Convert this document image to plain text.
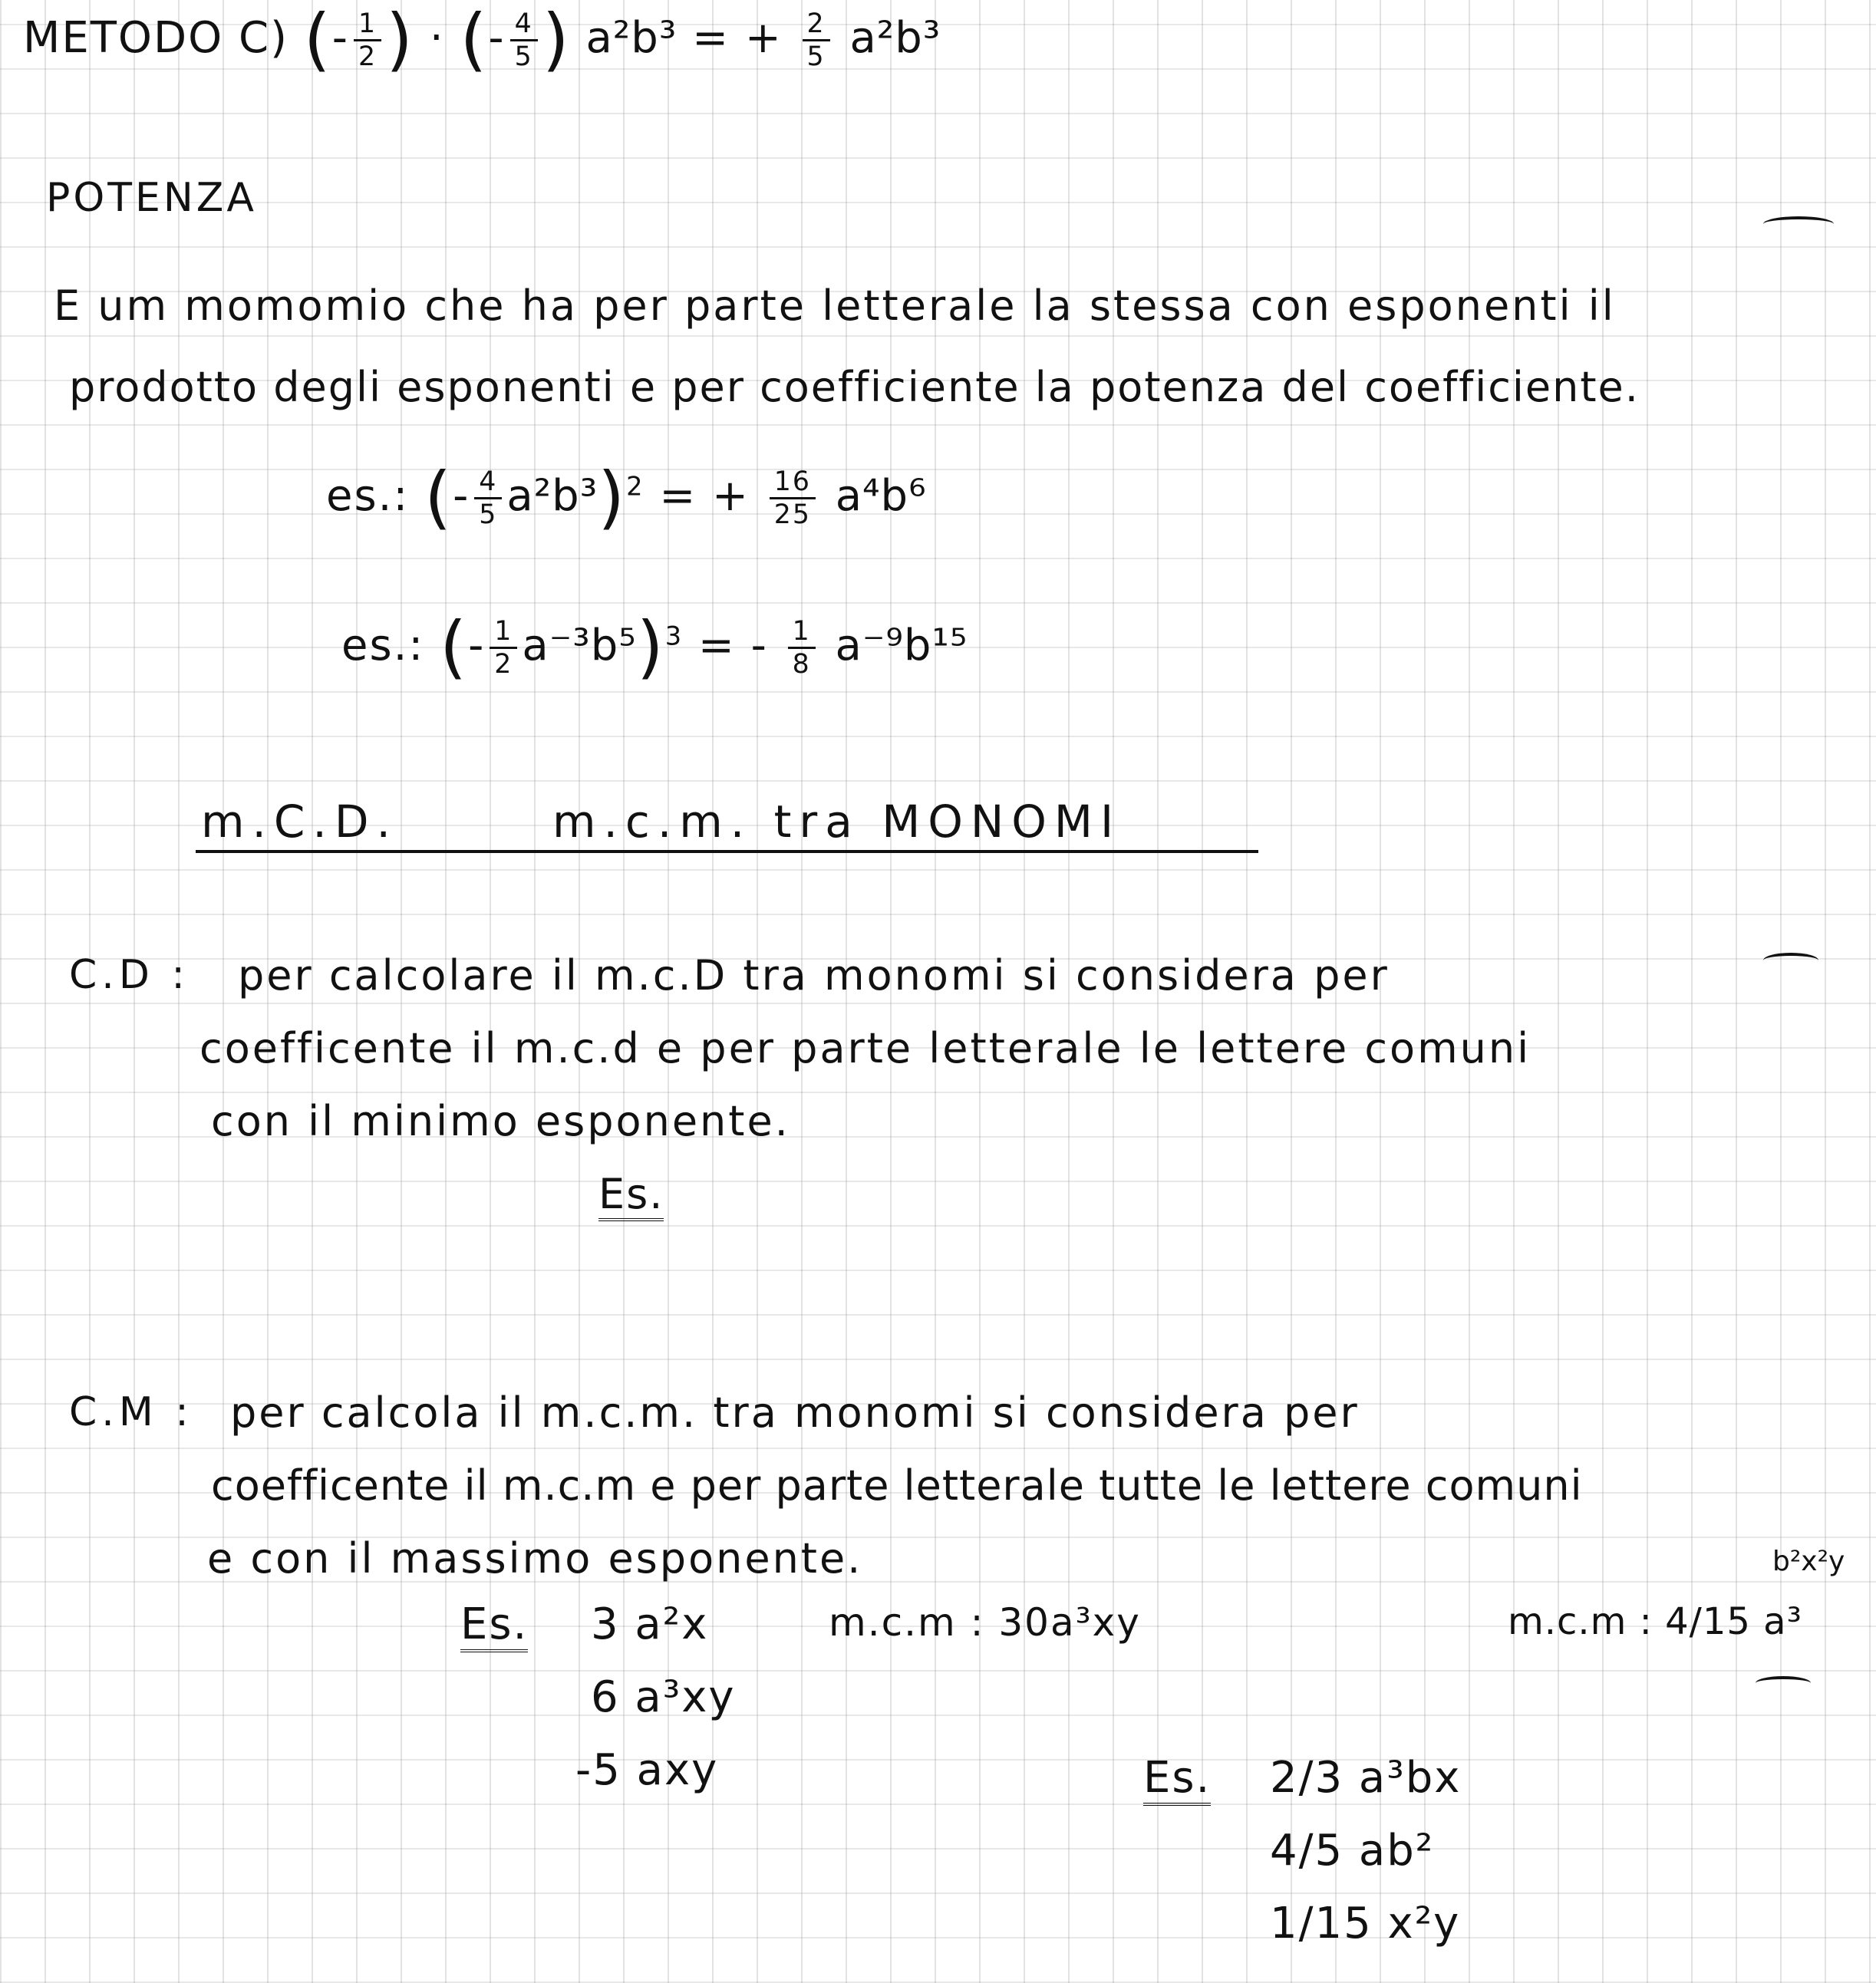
METODO C) (- $\frac{1}{2}$ ) · (- $\frac{4}{5}$ ) a²b³ = + $\frac{2}{5} a^2b^3$
POTENZA
E um momomio che ha per parte letterale la stessa con esponenti il
prodotto degli esponenti e per coefficiente la potenza del coefficiente.
es.: (- $\frac{4}{5} a^2b^3)^2$ = + $\frac{16}{25} a^4b^6$
es.: (- $\frac{1}{2} a^{-3}b^5)^3$ = - $\frac{1}{8} a^{-9}b^{15}$
m.C.D.	m.c.m. tra MONOMI
C.D : per calcolare il m.c.D tra monomi si considera per
coefficente il m.c.d e per parte letterale le lettere comuni
con il minimo esponente.
Es.
C.M : per calcola il m.c.m. tra monomi si considera per
coefficente il m.c.m e per parte letterale tutte le lettere comuni
e con il massimo esponente.
Es.	3 a²x
6 a³xy
-5 axy
m.c.m : 30a³xy
b²x²y
m.c.m : 4/15 a³
Es.	2/3 a³bx
4/5 ab²
1/15 x²y
